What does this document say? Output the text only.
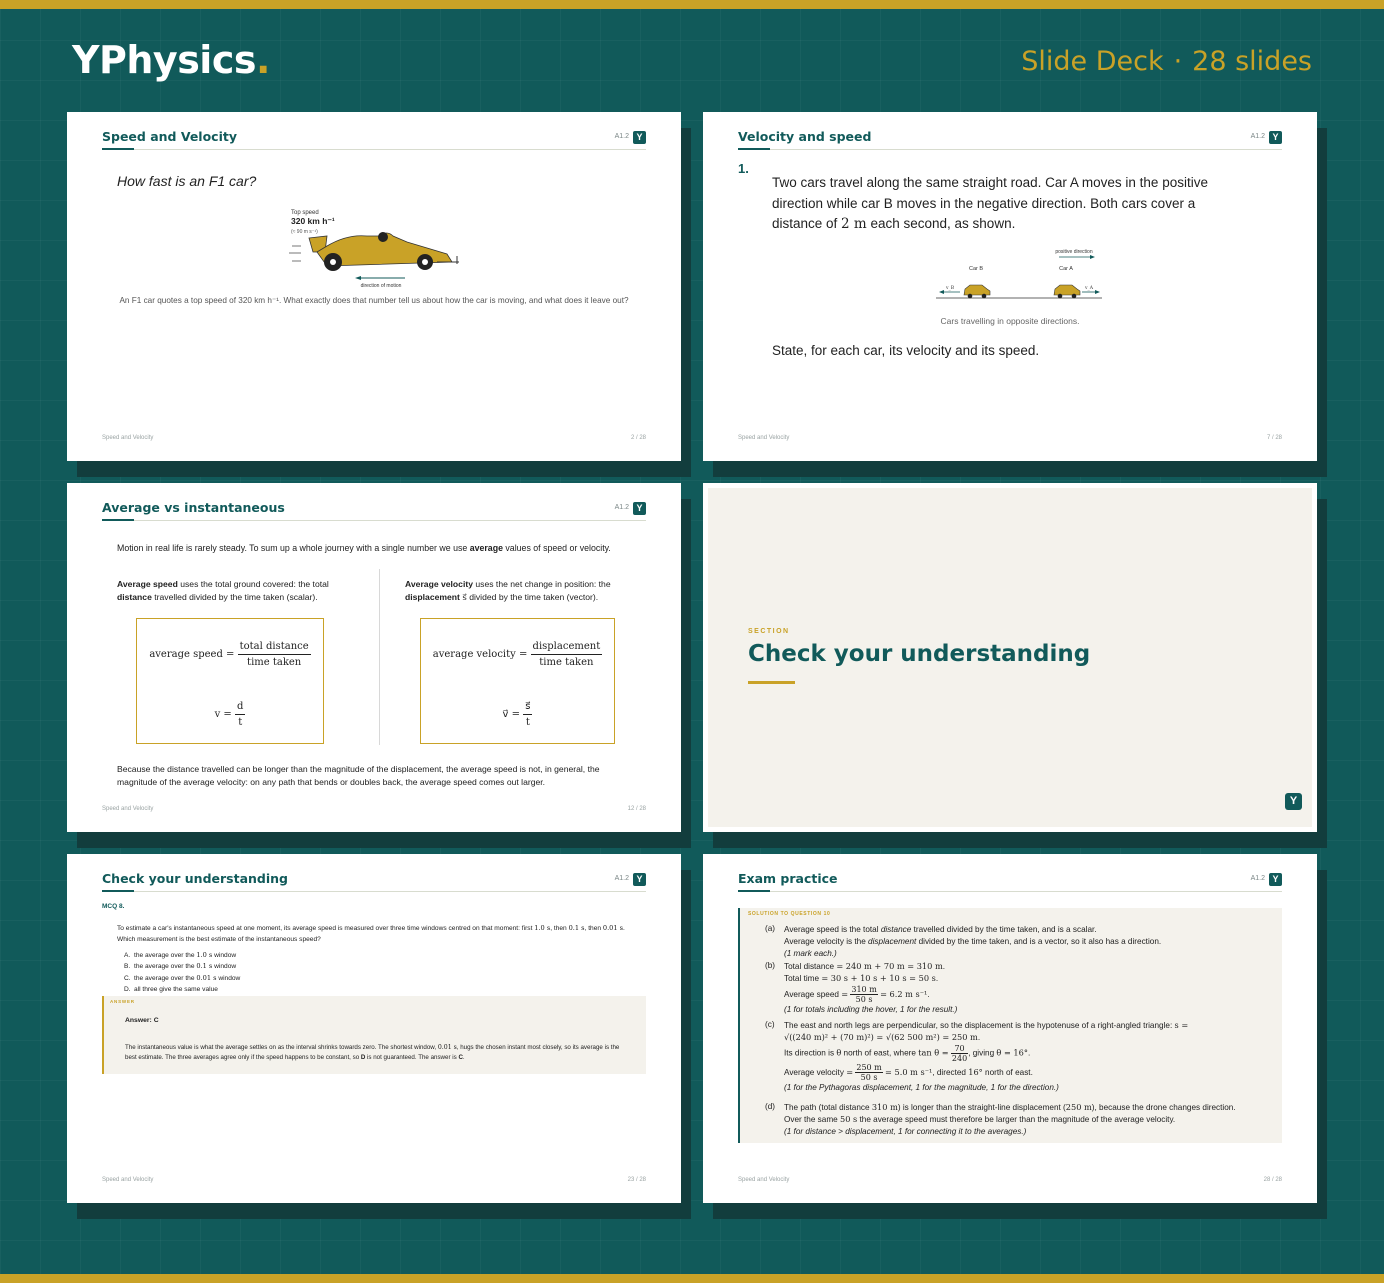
YPhysics.	Slide Deck · 28 slides
Speed and Velocity	A1.2 Y
How fast is an F1 car?
Top speed
320 km h⁻¹
(≈ 90 m s⁻¹)
direction of motion
An F1 car quotes a top speed of 320 km h⁻¹. What exactly does that number tell us about how the car is moving, and what does it leave out?
Speed and Velocity	2 / 28
Velocity and speed	A1.2 Y
1.
Two cars travel along the same straight road. Car A moves in the positive direction while car B moves in the negative direction. Both cars cover a distance of 2 m each second, as shown.
positive direction
Car B	Car A
v_B	v_A
Cars travelling in opposite directions.
State, for each car, its velocity and its speed.
Speed and Velocity	7 / 28
Average vs instantaneous	A1.2 Y
Motion in real life is rarely steady. To sum up a whole journey with a single number we use average values of speed or velocity.
Average speed uses the total ground covered: the total distance travelled divided by the time taken (scalar).
Average velocity uses the net change in position: the displacement s⃗ divided by the time taken (vector).
average speed = $\frac{\text{total distance}}{\text{time taken}}$
$v = \frac{d}{t}$
average velocity = $\frac{\text{displacement}}{\text{time taken}}$
v⃗ = $\frac{s⃗}{t}$
Because the distance travelled can be longer than the magnitude of the displacement, the average speed is not, in general, the magnitude of the average velocity: on any path that bends or doubles back, the average speed comes out larger.
Speed and Velocity	12 / 28
SECTION
Check your understanding
Y
Check your understanding	A1.2 Y
MCQ 8.
To estimate a car's instantaneous speed at one moment, its average speed is measured over three time windows centred on that moment: first 1.0 s, then 0.1 s, then 0.01 s. Which measurement is the best estimate of the instantaneous speed?
A. the average over the 1.0 s window
B. the average over the 0.1 s window
C. the average over the 0.01 s window
D. all three give the same value
ANSWER
Answer: C
The instantaneous value is what the average settles on as the interval shrinks towards zero. The shortest window, 0.01 s, hugs the chosen instant most closely, so its average is the best estimate. The three averages agree only if the speed happens to be constant, so D is not guaranteed. The answer is C.
Speed and Velocity	23 / 28
Exam practice	A1.2 Y
SOLUTION TO QUESTION 10
(a) Average speed is the total distance travelled divided by the time taken, and is a scalar.
Average velocity is the displacement divided by the time taken, and is a vector, so it also has a direction.
(1 mark each.)
(b) Total distance = 240 m + 70 m = 310 m.
Total time = 30 s + 10 s + 10 s = 50 s.
Average speed = $\frac{310 m}{50 s} = 6.2$ m s⁻¹.
(1 for totals including the hover, 1 for the result.)
(c) The east and north legs are perpendicular, so the displacement is the hypotenuse of a right-angled triangle: s =
√((240 m)² + (70 m)²) = √(62 500 m²) = 250 m.
Its direction is θ north of east, where $\tan \theta = \frac{70}{240}$ , giving θ = 16°.
Average velocity = $\frac{250 m}{50 s} = 5.0$ m s⁻¹, directed 16° north of east.
(1 for the Pythagoras displacement, 1 for the magnitude, 1 for the direction.)
(d) The path (total distance 310 m) is longer than the straight-line displacement (250 m), because the drone changes direction.
Over the same 50 s the average speed must therefore be larger than the magnitude of the average velocity.
(1 for distance > displacement, 1 for connecting it to the averages.)
Speed and Velocity	28 / 28
